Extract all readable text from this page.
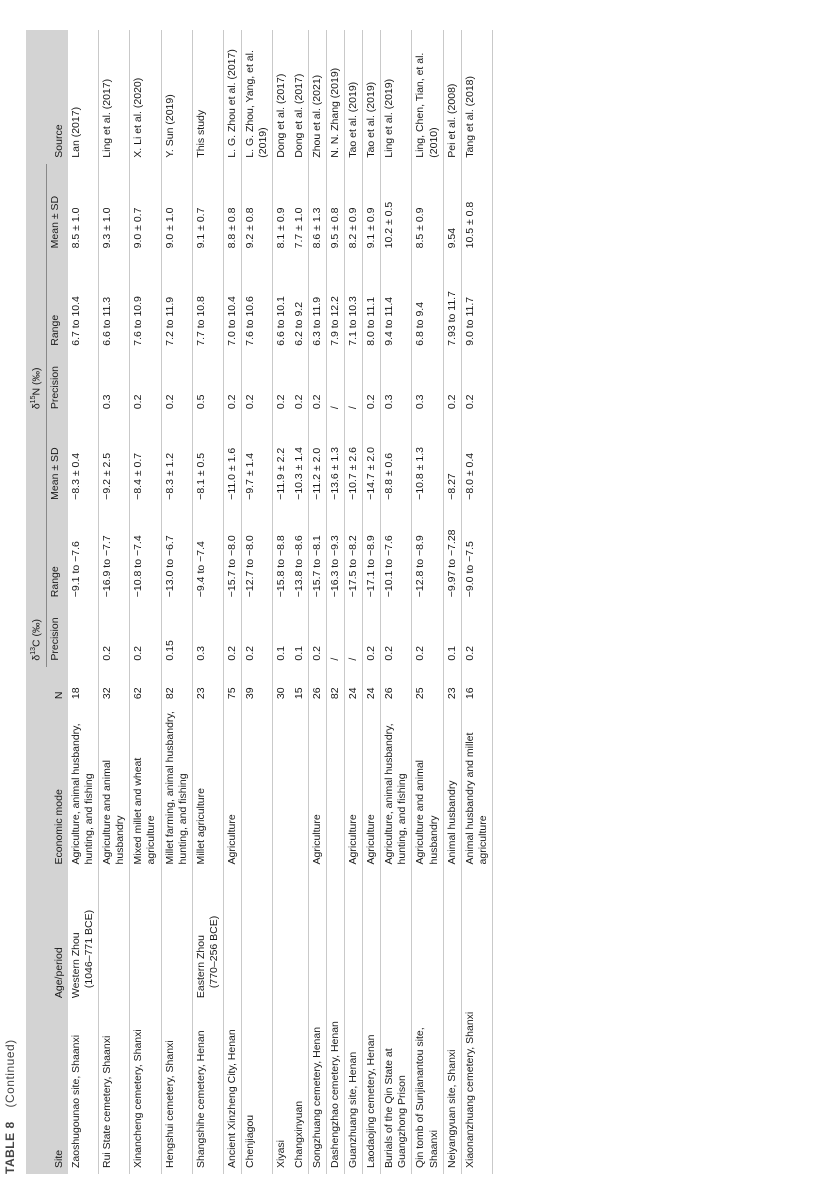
TABLE 8 (Continued)
Site	Age/period	Economic mode	N	$\delta^{13}C$ (‰)			$\delta^{15}N$ (‰)			Source
				Precision	Range	Mean ± SD	Precision	Range	Mean ± SD	
Zaoshugounao site, Shaanxi	Western Zhou (1046–771 BCE)	Agriculture, animal husbandry, hunting, and fishing	18		−9.1 to −7.6	−8.3 ± 0.4		6.7 to 10.4	8.5 ± 1.0	Lan (2017)
Rui State cemetery, Shaanxi		Agriculture and animal husbandry	32	0.2	−16.9 to −7.7	−9.2 ± 2.5	0.3	6.6 to 11.3	9.3 ± 1.0	Ling et al. (2017)
Xinancheng cemetery, Shanxi		Mixed millet and wheat agriculture	62	0.2	−10.8 to −7.4	−8.4 ± 0.7	0.2	7.6 to 10.9	9.0 ± 0.7	X. Li et al. (2020)
Hengshui cemetery, Shanxi		Millet farming, animal husbandry, hunting, and fishing	82	0.15	−13.0 to −6.7	−8.3 ± 1.2	0.2	7.2 to 11.9	9.0 ± 1.0	Y. Sun (2019)
Shangshihe cemetery, Henan	Eastern Zhou (770–256 BCE)	Millet agriculture	23	0.3	−9.4 to −7.4	−8.1 ± 0.5	0.5	7.7 to 10.8	9.1 ± 0.7	This study
Ancient Xinzheng City, Henan		Agriculture	75	0.2	−15.7 to −8.0	−11.0 ± 1.6	0.2	7.0 to 10.4	8.8 ± 0.8	L. G. Zhou et al. (2017)
Chenjiagou			39	0.2	−12.7 to −8.0	−9.7 ± 1.4	0.2	7.6 to 10.6	9.2 ± 0.8	L. G. Zhou, Yang, et al. (2019)
Xiyasi			30	0.1	−15.8 to −8.8	−11.9 ± 2.2	0.2	6.6 to 10.1	8.1 ± 0.9	Dong et al. (2017)
Changxinyuan			15	0.1	−13.8 to −8.6	−10.3 ± 1.4	0.2	6.2 to 9.2	7.7 ± 1.0	Dong et al. (2017)
Songzhuang cemetery, Henan		Agriculture	26	0.2	−15.7 to −8.1	−11.2 ± 2.0	0.2	6.3 to 11.9	8.6 ± 1.3	Zhou et al. (2021)
Dashengzhao cemetery, Henan			82	/	−16.3 to −9.3	−13.6 ± 1.3	/	7.9 to 12.2	9.5 ± 0.8	N. N. Zhang (2019)
Guanzhuang site, Henan		Agriculture	24	/	−17.5 to −8.2	−10.7 ± 2.6	/	7.1 to 10.3	8.2 ± 0.9	Tao et al. (2019)
Laodaojing cemetery, Henan		Agriculture	24	0.2	−17.1 to −8.9	−14.7 ± 2.0	0.2	8.0 to 11.1	9.1 ± 0.9	Tao et al. (2019)
Burials of the Qin State at Guangzhong Prison		Agriculture, animal husbandry, hunting, and fishing	26	0.2	−10.1 to −7.6	−8.8 ± 0.6	0.3	9.4 to 11.4	10.2 ± 0.5	Ling et al. (2019)
Qin tomb of Sunjianantou site, Shaanxi		Agriculture and animal husbandry	25	0.2	−12.8 to −8.9	−10.8 ± 1.3	0.3	6.8 to 9.4	8.5 ± 0.9	Ling, Chen, Tian, et al. (2010)
Neiyangyuan site, Shanxi		Animal husbandry	23	0.1	−9.97 to −7.28	−8.27	0.2	7.93 to 11.7	9.54	Pei et al. (2008)
Xiaonanzhuang cemetery, Shanxi		Animal husbandry and millet agriculture	16	0.2	−9.0 to −7.5	−8.0 ± 0.4	0.2	9.0 to 11.7	10.5 ± 0.8	Tang et al. (2018)
